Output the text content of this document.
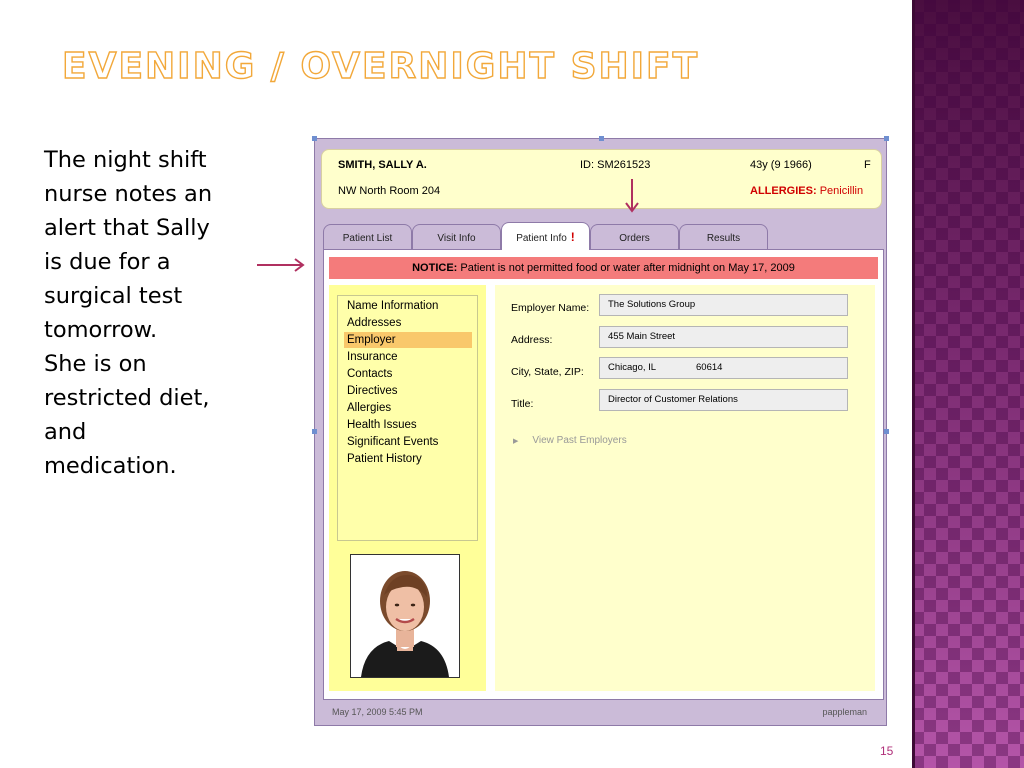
EVENING / OVERNIGHT SHIFT
The night shift
nurse notes an
alert that Sally
is due for a
surgical test
tomorrow.
She is on
restricted diet,
and
medication.
SMITH, SALLY A.	ID: SM261523	43y (9 1966)	F
NW North Room 204	ALLERGIES: Penicillin
Patient List	Visit Info	Patient Info !	Orders	Results
NOTICE: Patient is not permitted food or water after midnight on May 17, 2009
Name Information
Addresses
Employer
Insurance
Contacts
Directives
Allergies
Health Issues
Significant Events
Patient History
Employer Name:	The Solutions Group
Address:	455 Main Street
City, State, ZIP:	Chicago, IL	60614
Title:	Director of Customer Relations
▶ View Past Employers
May 17, 2009 5:45 PM	pappleman
15
